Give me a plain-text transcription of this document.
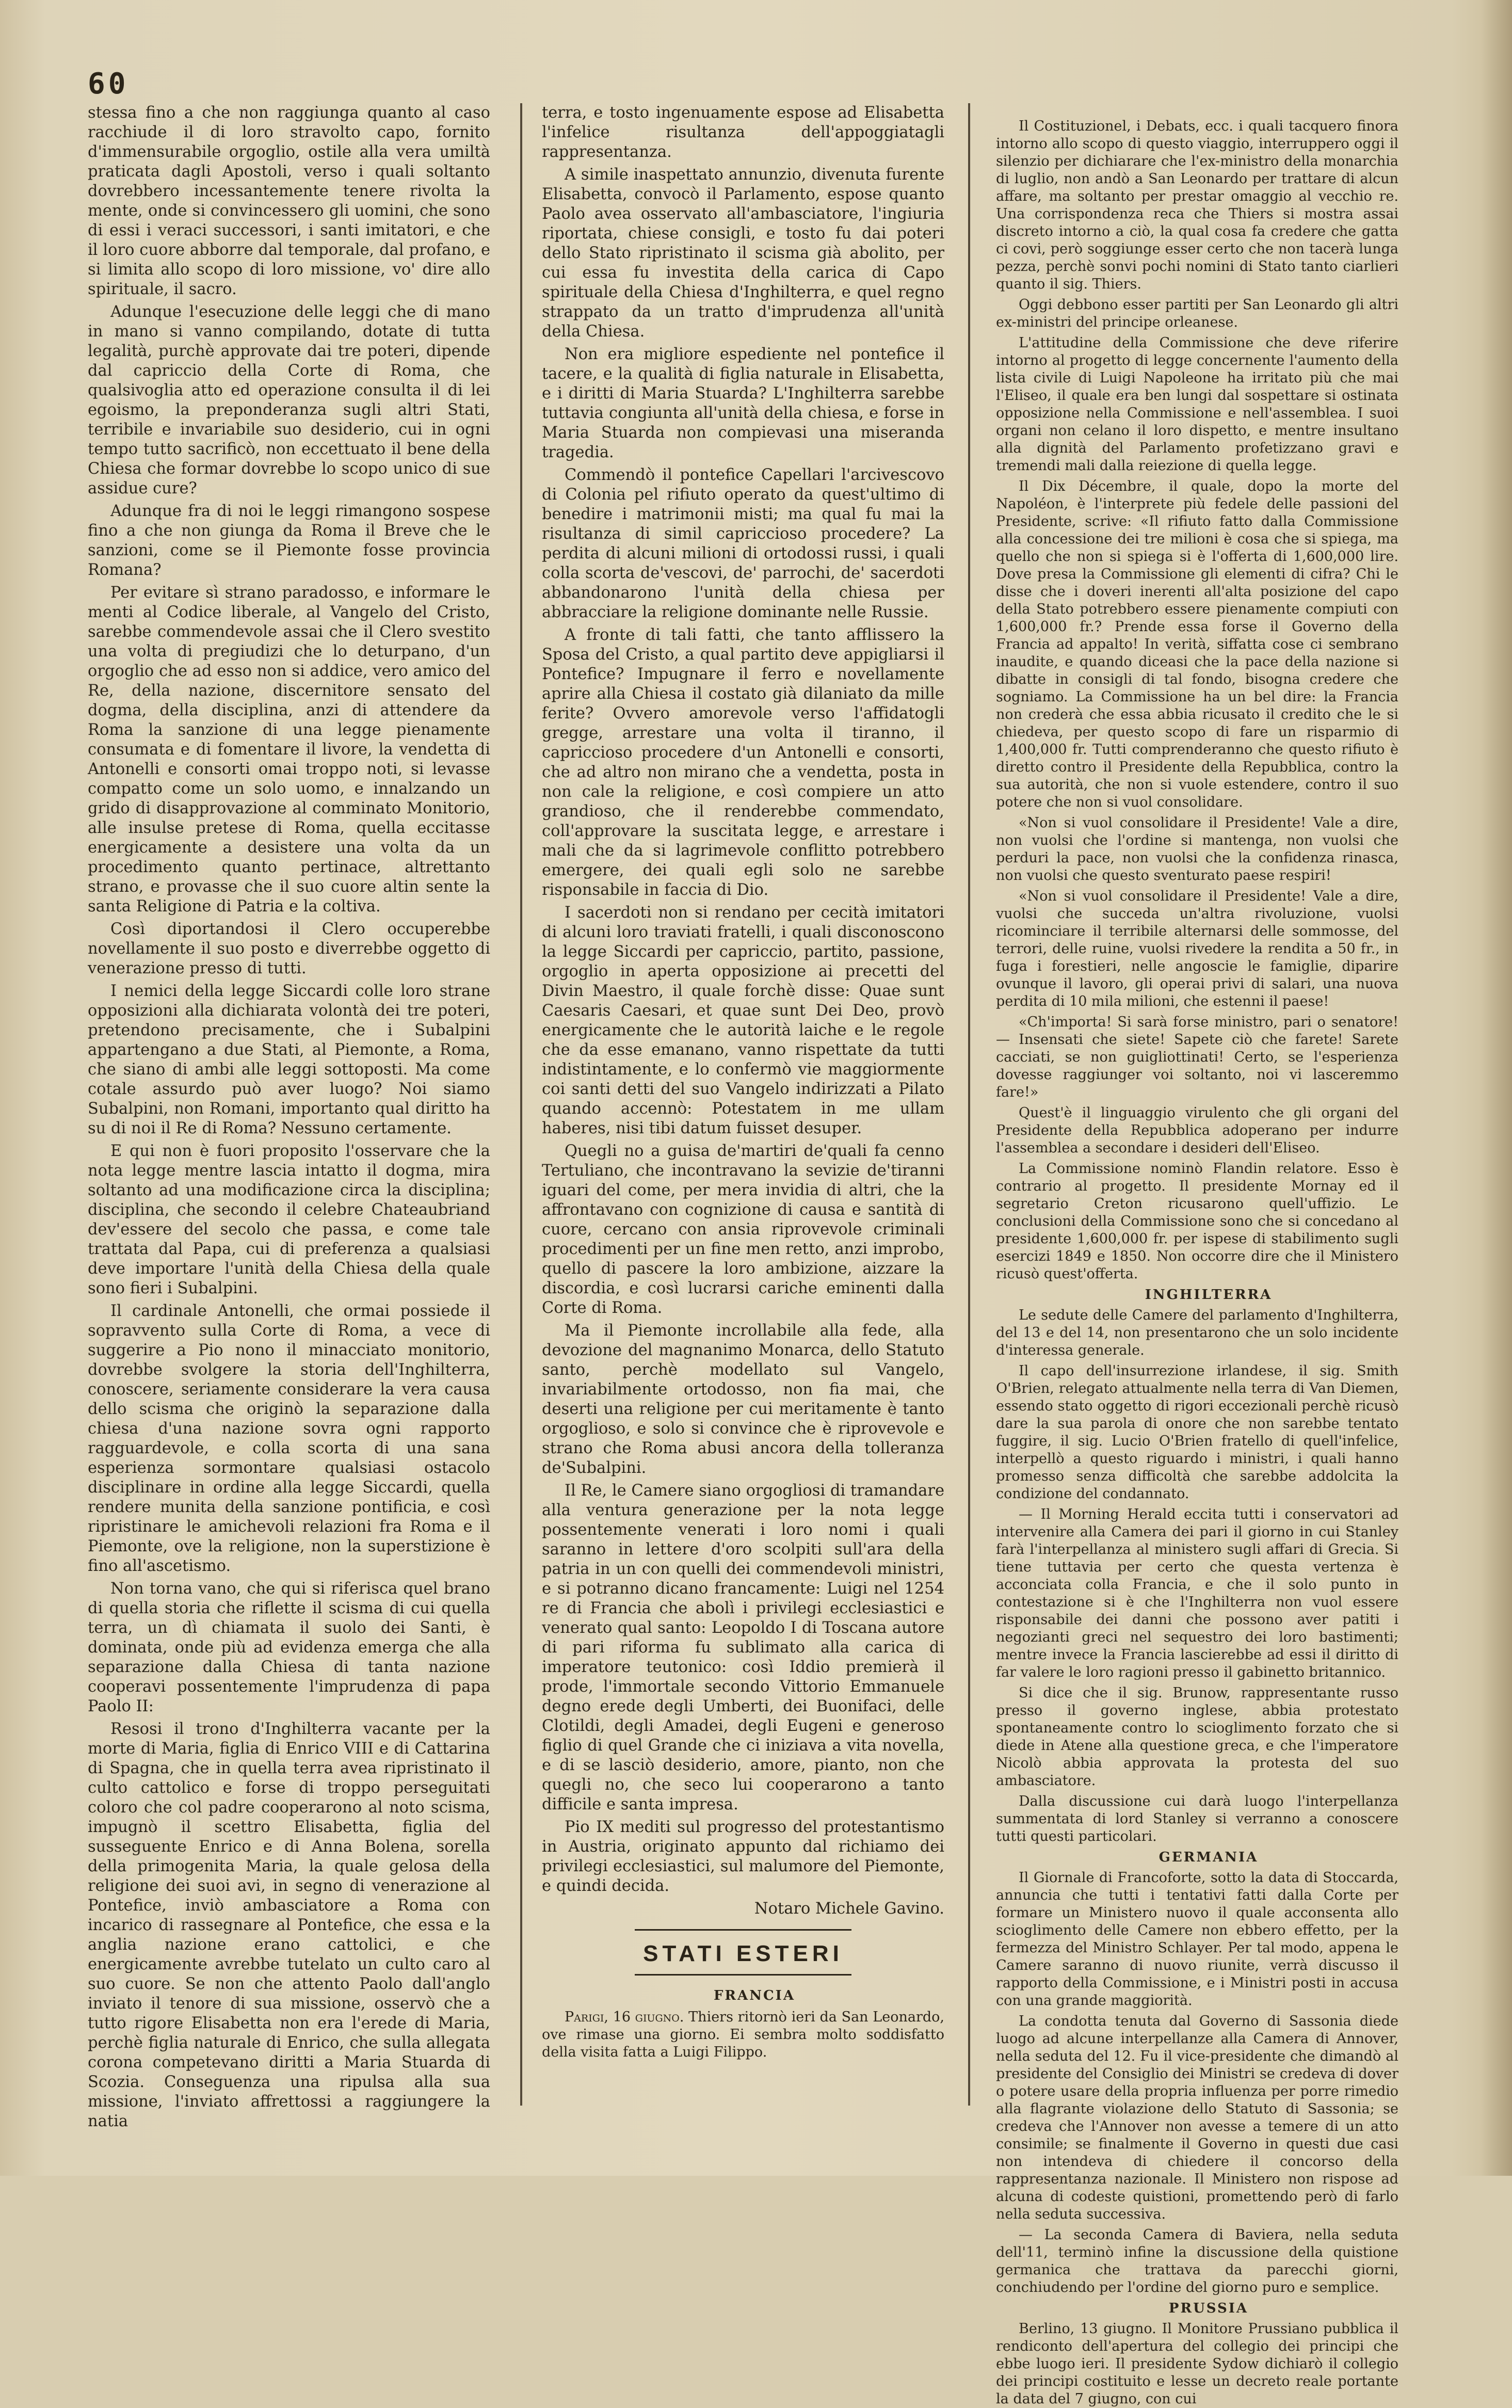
60

stessa fino a che non raggiunga quanto al caso racchiude il di loro stravolto capo, fornito d'immensurabile orgoglio, ostile alla vera umiltà praticata dagli Apostoli, verso i quali soltanto dovrebbero incessantemente tenere rivolta la mente, onde si convincessero gli uomini, che sono di essi i veraci successori, i santi imitatori, e che il loro cuore abborre dal temporale, dal profano, e si limita allo scopo di loro missione, vo' dire allo spirituale, il sacro.

Adunque l'esecuzione delle leggi che di mano in mano si vanno compilando, dotate di tutta legalità, purchè approvate dai tre poteri, dipende dal capriccio della Corte di Roma, che qualsivoglia atto ed operazione consulta il di lei egoismo, la preponderanza sugli altri Stati, terribile e invariabile suo desiderio, cui in ogni tempo tutto sacrificò, non eccettuato il bene della Chiesa che formar dovrebbe lo scopo unico di sue assidue cure?

Adunque fra di noi le leggi rimangono sospese fino a che non giunga da Roma il Breve che le sanzioni, come se il Piemonte fosse provincia Romana?

Per evitare sì strano paradosso, e informare le menti al Codice liberale, al Vangelo del Cristo, sarebbe commendevole assai che il Clero svestito una volta di pregiudizi che lo deturpano, d'un orgoglio che ad esso non si addice, vero amico del Re, della nazione, discernitore sensato del dogma, della disciplina, anzi di attendere da Roma la sanzione di una legge pienamente consumata e di fomentare il livore, la vendetta di Antonelli e consorti omai troppo noti, si levasse compatto come un solo uomo, e innalzando un grido di disapprovazione al comminato Monitorio, alle insulse pretese di Roma, quella eccitasse energicamente a desistere una volta da un procedimento quanto pertinace, altrettanto strano, e provasse che il suo cuore altin sente la santa Religione di Patria e la coltiva.

Così diportandosi il Clero occuperebbe novellamente il suo posto e diverrebbe oggetto di venerazione presso di tutti.

I nemici della legge Siccardi colle loro strane opposizioni alla dichiarata volontà dei tre poteri, pretendono precisamente, che i Subalpini appartengano a due Stati, al Piemonte, a Roma, che siano di ambi alle leggi sottoposti. Ma come cotale assurdo può aver luogo? Noi siamo Subalpini, non Romani, importanto qual diritto ha su di noi il Re di Roma? Nessuno certamente.

E qui non è fuori proposito l'osservare che la nota legge mentre lascia intatto il dogma, mira soltanto ad una modificazione circa la disciplina; disciplina, che secondo il celebre Chateaubriand dev'essere del secolo che passa, e come tale trattata dal Papa, cui di preferenza a qualsiasi deve importare l'unità della Chiesa della quale sono fieri i Subalpini.

Il cardinale Antonelli, che ormai possiede il sopravvento sulla Corte di Roma, a vece di suggerire a Pio nono il minacciato monitorio, dovrebbe svolgere la storia dell'Inghilterra, conoscere, seriamente considerare la vera causa dello scisma che originò la separazione dalla chiesa d'una nazione sovra ogni rapporto ragguardevole, e colla scorta di una sana esperienza sormontare qualsiasi ostacolo disciplinare in ordine alla legge Siccardi, quella rendere munita della sanzione pontificia, e così ripristinare le amichevoli relazioni fra Roma e il Piemonte, ove la religione, non la superstizione è fino all'ascetismo.

Non torna vano, che qui si riferisca quel brano di quella storia che riflette il scisma di cui quella terra, un dì chiamata il suolo dei Santi, è dominata, onde più ad evidenza emerga che alla separazione dalla Chiesa di tanta nazione cooperavi possentemente l'imprudenza di papa Paolo II:

Resosi il trono d'Inghilterra vacante per la morte di Maria, figlia di Enrico VIII e di Cattarina di Spagna, che in quella terra avea ripristinato il culto cattolico e forse di troppo perseguitati coloro che col padre cooperarono al noto scisma, impugnò il scettro Elisabetta, figlia del susseguente Enrico e di Anna Bolena, sorella della primogenita Maria, la quale gelosa della religione dei suoi avi, in segno di venerazione al Pontefice, inviò ambasciatore a Roma con incarico di rassegnare al Pontefice, che essa e la anglia nazione erano cattolici, e che energicamente avrebbe tutelato un culto caro al suo cuore. Se non che attento Paolo dall'anglo inviato il tenore di sua missione, osservò che a tutto rigore Elisabetta non era l'erede di Maria, perchè figlia naturale di Enrico, che sulla allegata corona competevano diritti a Maria Stuarda di Scozia. Conseguenza una ripulsa alla sua missione, l'inviato affrettossi a raggiungere la natia

terra, e tosto ingenuamente espose ad Elisabetta l'infelice risultanza dell'appoggiatagli rappresentanza.

A simile inaspettato annunzio, divenuta furente Elisabetta, convocò il Parlamento, espose quanto Paolo avea osservato all'ambasciatore, l'ingiuria riportata, chiese consigli, e tosto fu dai poteri dello Stato ripristinato il scisma già abolito, per cui essa fu investita della carica di Capo spirituale della Chiesa d'Inghilterra, e quel regno strappato da un tratto d'imprudenza all'unità della Chiesa.

Non era migliore espediente nel pontefice il tacere, e la qualità di figlia naturale in Elisabetta, e i diritti di Maria Stuarda? L'Inghilterra sarebbe tuttavia congiunta all'unità della chiesa, e forse in Maria Stuarda non compievasi una miseranda tragedia.

Commendò il pontefice Capellari l'arcivescovo di Colonia pel rifiuto operato da quest'ultimo di benedire i matrimonii misti; ma qual fu mai la risultanza di simil capriccioso procedere? La perdita di alcuni milioni di ortodossi russi, i quali colla scorta de'vescovi, de' parrochi, de' sacerdoti abbandonarono l'unità della chiesa per abbracciare la religione dominante nelle Russie.

A fronte di tali fatti, che tanto afflissero la Sposa del Cristo, a qual partito deve appigliarsi il Pontefice? Impugnare il ferro e novellamente aprire alla Chiesa il costato già dilaniato da mille ferite? Ovvero amorevole verso l'affidatogli gregge, arrestare una volta il tiranno, il capriccioso procedere d'un Antonelli e consorti, che ad altro non mirano che a vendetta, posta in non cale la religione, e così compiere un atto grandioso, che il renderebbe commendato, coll'approvare la suscitata legge, e arrestare i mali che da si lagrimevole conflitto potrebbero emergere, dei quali egli solo ne sarebbe risponsabile in faccia di Dio.

I sacerdoti non si rendano per cecità imitatori di alcuni loro traviati fratelli, i quali disconoscono la legge Siccardi per capriccio, partito, passione, orgoglio in aperta opposizione ai precetti del Divin Maestro, il quale forchè disse: Quae sunt Caesaris Caesari, et quae sunt Dei Deo, provò energicamente che le autorità laiche e le regole che da esse emanano, vanno rispettate da tutti indistintamente, e lo confermò vie maggiormente coi santi detti del suo Vangelo indirizzati a Pilato quando accennò: Potestatem in me ullam haberes, nisi tibi datum fuisset desuper.

Quegli no a guisa de'martiri de'quali fa cenno Tertuliano, che incontravano la sevizie de'tiranni iguari del come, per mera invidia di altri, che la affrontavano con cognizione di causa e santità di cuore, cercano con ansia riprovevole criminali procedimenti per un fine men retto, anzi improbo, quello di pascere la loro ambizione, aizzare la discordia, e così lucrarsi cariche eminenti dalla Corte di Roma.

Ma il Piemonte incrollabile alla fede, alla devozione del magnanimo Monarca, dello Statuto santo, perchè modellato sul Vangelo, invariabilmente ortodosso, non fia mai, che deserti una religione per cui meritamente è tanto orgoglioso, e solo si convince che è riprovevole e strano che Roma abusi ancora della tolleranza de'Subalpini.

Il Re, le Camere siano orgogliosi di tramandare alla ventura generazione per la nota legge possentemente venerati i loro nomi i quali saranno in lettere d'oro scolpiti sull'ara della patria in un con quelli dei commendevoli ministri, e si potranno dicano francamente: Luigi nel 1254 re di Francia che abolì i privilegi ecclesiastici e venerato qual santo: Leopoldo I di Toscana autore di pari riforma fu sublimato alla carica di imperatore teutonico: così Iddio premierà il prode, l'immortale secondo Vittorio Emmanuele degno erede degli Umberti, dei Buonifaci, delle Clotildi, degli Amadei, degli Eugeni e generoso figlio di quel Grande che ci iniziava a vita novella, e di se lasciò desiderio, amore, pianto, non che quegli no, che seco lui cooperarono a tanto difficile e santa impresa.

Pio IX mediti sul progresso del protestantismo in Austria, originato appunto dal richiamo dei privilegi ecclesiastici, sul malumore del Piemonte, e quindi decida.

Notaro Michele Gavino.

STATI ESTERI

FRANCIA

Parigi, 16 giugno. Thiers ritornò ieri da San Leonardo, ove rimase una giorno. Ei sembra molto soddisfatto della visita fatta a Luigi Filippo.

Il Costituzionel, i Debats, ecc. i quali tacquero finora intorno allo scopo di questo viaggio, interruppero oggi il silenzio per dichiarare che l'ex-ministro della monarchia di luglio, non andò a San Leonardo per trattare di alcun affare, ma soltanto per prestar omaggio al vecchio re. Una corrispondenza reca che Thiers si mostra assai discreto intorno a ciò, la qual cosa fa credere che gatta ci covi, però soggiunge esser certo che non tacerà lunga pezza, perchè sonvi pochi nomini di Stato tanto ciarlieri quanto il sig. Thiers.

Oggi debbono esser partiti per San Leonardo gli altri ex-ministri del principe orleanese.

L'attitudine della Commissione che deve riferire intorno al progetto di legge concernente l'aumento della lista civile di Luigi Napoleone ha irritato più che mai l'Eliseo, il quale era ben lungi dal sospettare si ostinata opposizione nella Commissione e nell'assemblea. I suoi organi non celano il loro dispetto, e mentre insultano alla dignità del Parlamento profetizzano gravi e tremendi mali dalla reiezione di quella legge.

Il Dix Décembre, il quale, dopo la morte del Napoléon, è l'interprete più fedele delle passioni del Presidente, scrive: «Il rifiuto fatto dalla Commissione alla concessione dei tre milioni è cosa che si spiega, ma quello che non si spiega si è l'offerta di 1,600,000 lire. Dove presa la Commissione gli elementi di cifra? Chi le disse che i doveri inerenti all'alta posizione del capo della Stato potrebbero essere pienamente compiuti con 1,600,000 fr.? Prende essa forse il Governo della Francia ad appalto! In verità, siffatta cose ci sembrano inaudite, e quando diceasi che la pace della nazione si dibatte in consigli di tal fondo, bisogna credere che sogniamo. La Commissione ha un bel dire: la Francia non crederà che essa abbia ricusato il credito che le si chiedeva, per questo scopo di fare un risparmio di 1,400,000 fr. Tutti comprenderanno che questo rifiuto è diretto contro il Presidente della Repubblica, contro la sua autorità, che non si vuole estendere, contro il suo potere che non si vuol consolidare.

«Non si vuol consolidare il Presidente! Vale a dire, non vuolsi che l'ordine si mantenga, non vuolsi che perduri la pace, non vuolsi che la confidenza rinasca, non vuolsi che questo sventurato paese respiri!

«Non si vuol consolidare il Presidente! Vale a dire, vuolsi che succeda un'altra rivoluzione, vuolsi ricominciare il terribile alternarsi delle sommosse, del terrori, delle ruine, vuolsi rivedere la rendita a 50 fr., in fuga i forestieri, nelle angoscie le famiglie, diparire ovunque il lavoro, gli operai privi di salari, una nuova perdita di 10 mila milioni, che estenni il paese!

«Ch'importa! Si sarà forse ministro, pari o senatore! — Insensati che siete! Sapete ciò che farete! Sarete cacciati, se non guigliottinati! Certo, se l'esperienza dovesse raggiunger voi soltanto, noi vi lasceremmo fare!»

Quest'è il linguaggio virulento che gli organi del Presidente della Repubblica adoperano per indurre l'assemblea a secondare i desideri dell'Eliseo.

La Commissione nominò Flandin relatore. Esso è contrario al progetto. Il presidente Mornay ed il segretario Creton ricusarono quell'uffizio. Le conclusioni della Commissione sono che si concedano al presidente 1,600,000 fr. per ispese di stabilimento sugli esercizi 1849 e 1850. Non occorre dire che il Ministero ricusò quest'offerta.

INGHILTERRA

Le sedute delle Camere del parlamento d'Inghilterra, del 13 e del 14, non presentarono che un solo incidente d'interessa generale.

Il capo dell'insurrezione irlandese, il sig. Smith O'Brien, relegato attualmente nella terra di Van Diemen, essendo stato oggetto di rigori eccezionali perchè ricusò dare la sua parola di onore che non sarebbe tentato fuggire, il sig. Lucio O'Brien fratello di quell'infelice, interpellò a questo riguardo i ministri, i quali hanno promesso senza difficoltà che sarebbe addolcita la condizione del condannato.

— Il Morning Herald eccita tutti i conservatori ad intervenire alla Camera dei pari il giorno in cui Stanley farà l'interpellanza al ministero sugli affari di Grecia. Si tiene tuttavia per certo che questa vertenza è acconciata colla Francia, e che il solo punto in contestazione si è che l'Inghilterra non vuol essere risponsabile dei danni che possono aver patiti i negozianti greci nel sequestro dei loro bastimenti; mentre invece la Francia lascierebbe ad essi il diritto di far valere le loro ragioni presso il gabinetto britannico.

Si dice che il sig. Brunow, rappresentante russo presso il governo inglese, abbia protestato spontaneamente contro lo scioglimento forzato che si diede in Atene alla questione greca, e che l'imperatore Nicolò abbia approvata la protesta del suo ambasciatore.

Dalla discussione cui darà luogo l'interpellanza summentata di lord Stanley si verranno a conoscere tutti questi particolari.

GERMANIA

Il Giornale di Francoforte, sotto la data di Stoccarda, annuncia che tutti i tentativi fatti dalla Corte per formare un Ministero nuovo il quale acconsenta allo scioglimento delle Camere non ebbero effetto, per la fermezza del Ministro Schlayer. Per tal modo, appena le Camere saranno di nuovo riunite, verrà discusso il rapporto della Commissione, e i Ministri posti in accusa con una grande maggiorità.

La condotta tenuta dal Governo di Sassonia diede luogo ad alcune interpellanze alla Camera di Annover, nella seduta del 12. Fu il vice-presidente che dimandò al presidente del Consiglio dei Ministri se credeva di dover o potere usare della propria influenza per porre rimedio alla flagrante violazione dello Statuto di Sassonia; se credeva che l'Annover non avesse a temere di un atto consimile; se finalmente il Governo in questi due casi non intendeva di chiedere il concorso della rappresentanza nazionale. Il Ministero non rispose ad alcuna di codeste quistioni, promettendo però di farlo nella seduta successiva.

— La seconda Camera di Baviera, nella seduta dell'11, terminò infine la discussione della quistione germanica che trattava da parecchi giorni, conchiudendo per l'ordine del giorno puro e semplice.

PRUSSIA

Berlino, 13 giugno. Il Monitore Prussiano pubblica il rendiconto dell'apertura del collegio dei principi che ebbe luogo ieri. Il presidente Sydow dichiarò il collegio dei principi costituito e lesse un decreto reale portante la data del 7 giugno, con cui
